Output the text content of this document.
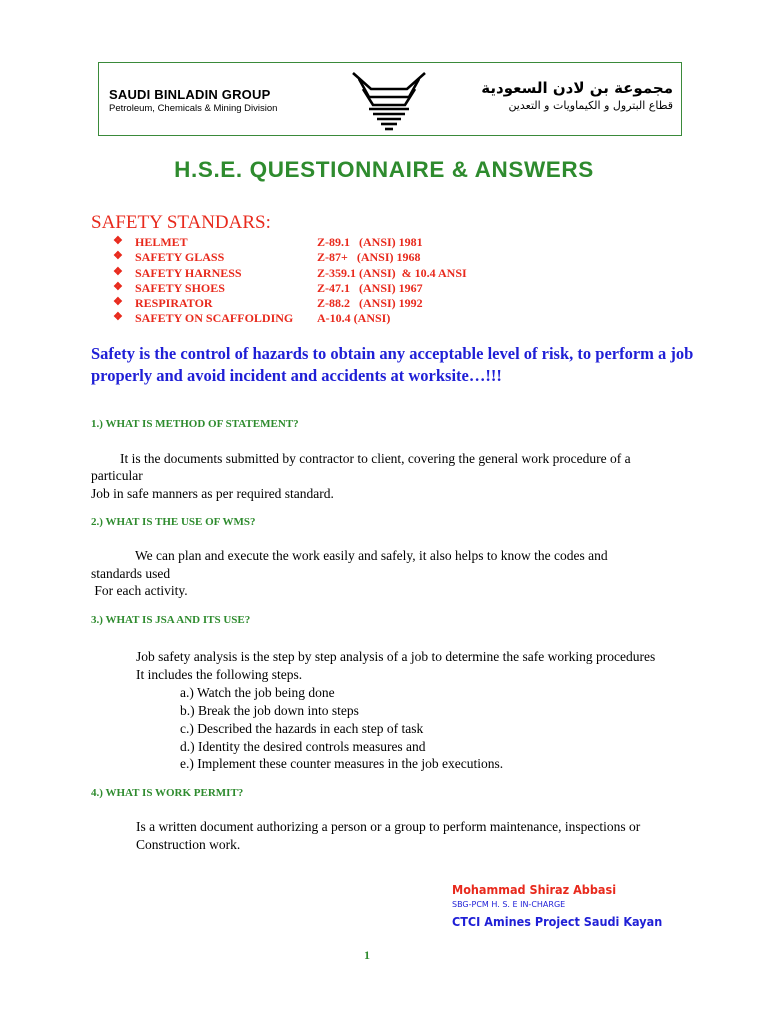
SAUDI BINLADIN GROUP
Petroleum, Chemicals & Mining Division
مجموعة بن لادن السعودية
قطاع البترول و الكيماويات و التعدين
H.S.E. QUESTIONNAIRE & ANSWERS
SAFETY STANDARS:
❖ HELMET	Z-89.1   (ANSI) 1981
❖ SAFETY GLASS	Z-87+   (ANSI) 1968
❖ SAFETY HARNESS	Z-359.1 (ANSI)  & 10.4 ANSI
❖ SAFETY SHOES	Z-47.1   (ANSI) 1967
❖ RESPIRATOR	Z-88.2   (ANSI) 1992
❖ SAFETY ON SCAFFOLDING A-10.4 (ANSI)
Safety is the control of hazards to obtain any acceptable level of risk, to perform a job properly and avoid incident and accidents at worksite…!!!
1.) WHAT IS METHOD OF STATEMENT?
It is the documents submitted by contractor to client, covering the general work procedure of a
particular
Job in safe manners as per required standard.
2.) WHAT IS THE USE OF WMS?
We can plan and execute the work easily and safely, it also helps to know the codes and
standards used
For each activity.
3.) WHAT IS JSA AND ITS USE?
Job safety analysis is the step by step analysis of a job to determine the safe working procedures
It includes the following steps.
a.) Watch the job being done
b.) Break the job down into steps
c.) Described the hazards in each step of task
d.) Identity the desired controls measures and
e.) Implement these counter measures in the job executions.
4.) WHAT IS WORK PERMIT?
Is a written document authorizing a person or a group to perform maintenance, inspections or
Construction work.
Mohammad Shiraz Abbasi
SBG-PCM H. S. E IN-CHARGE
CTCI Amines Project Saudi Kayan
1
